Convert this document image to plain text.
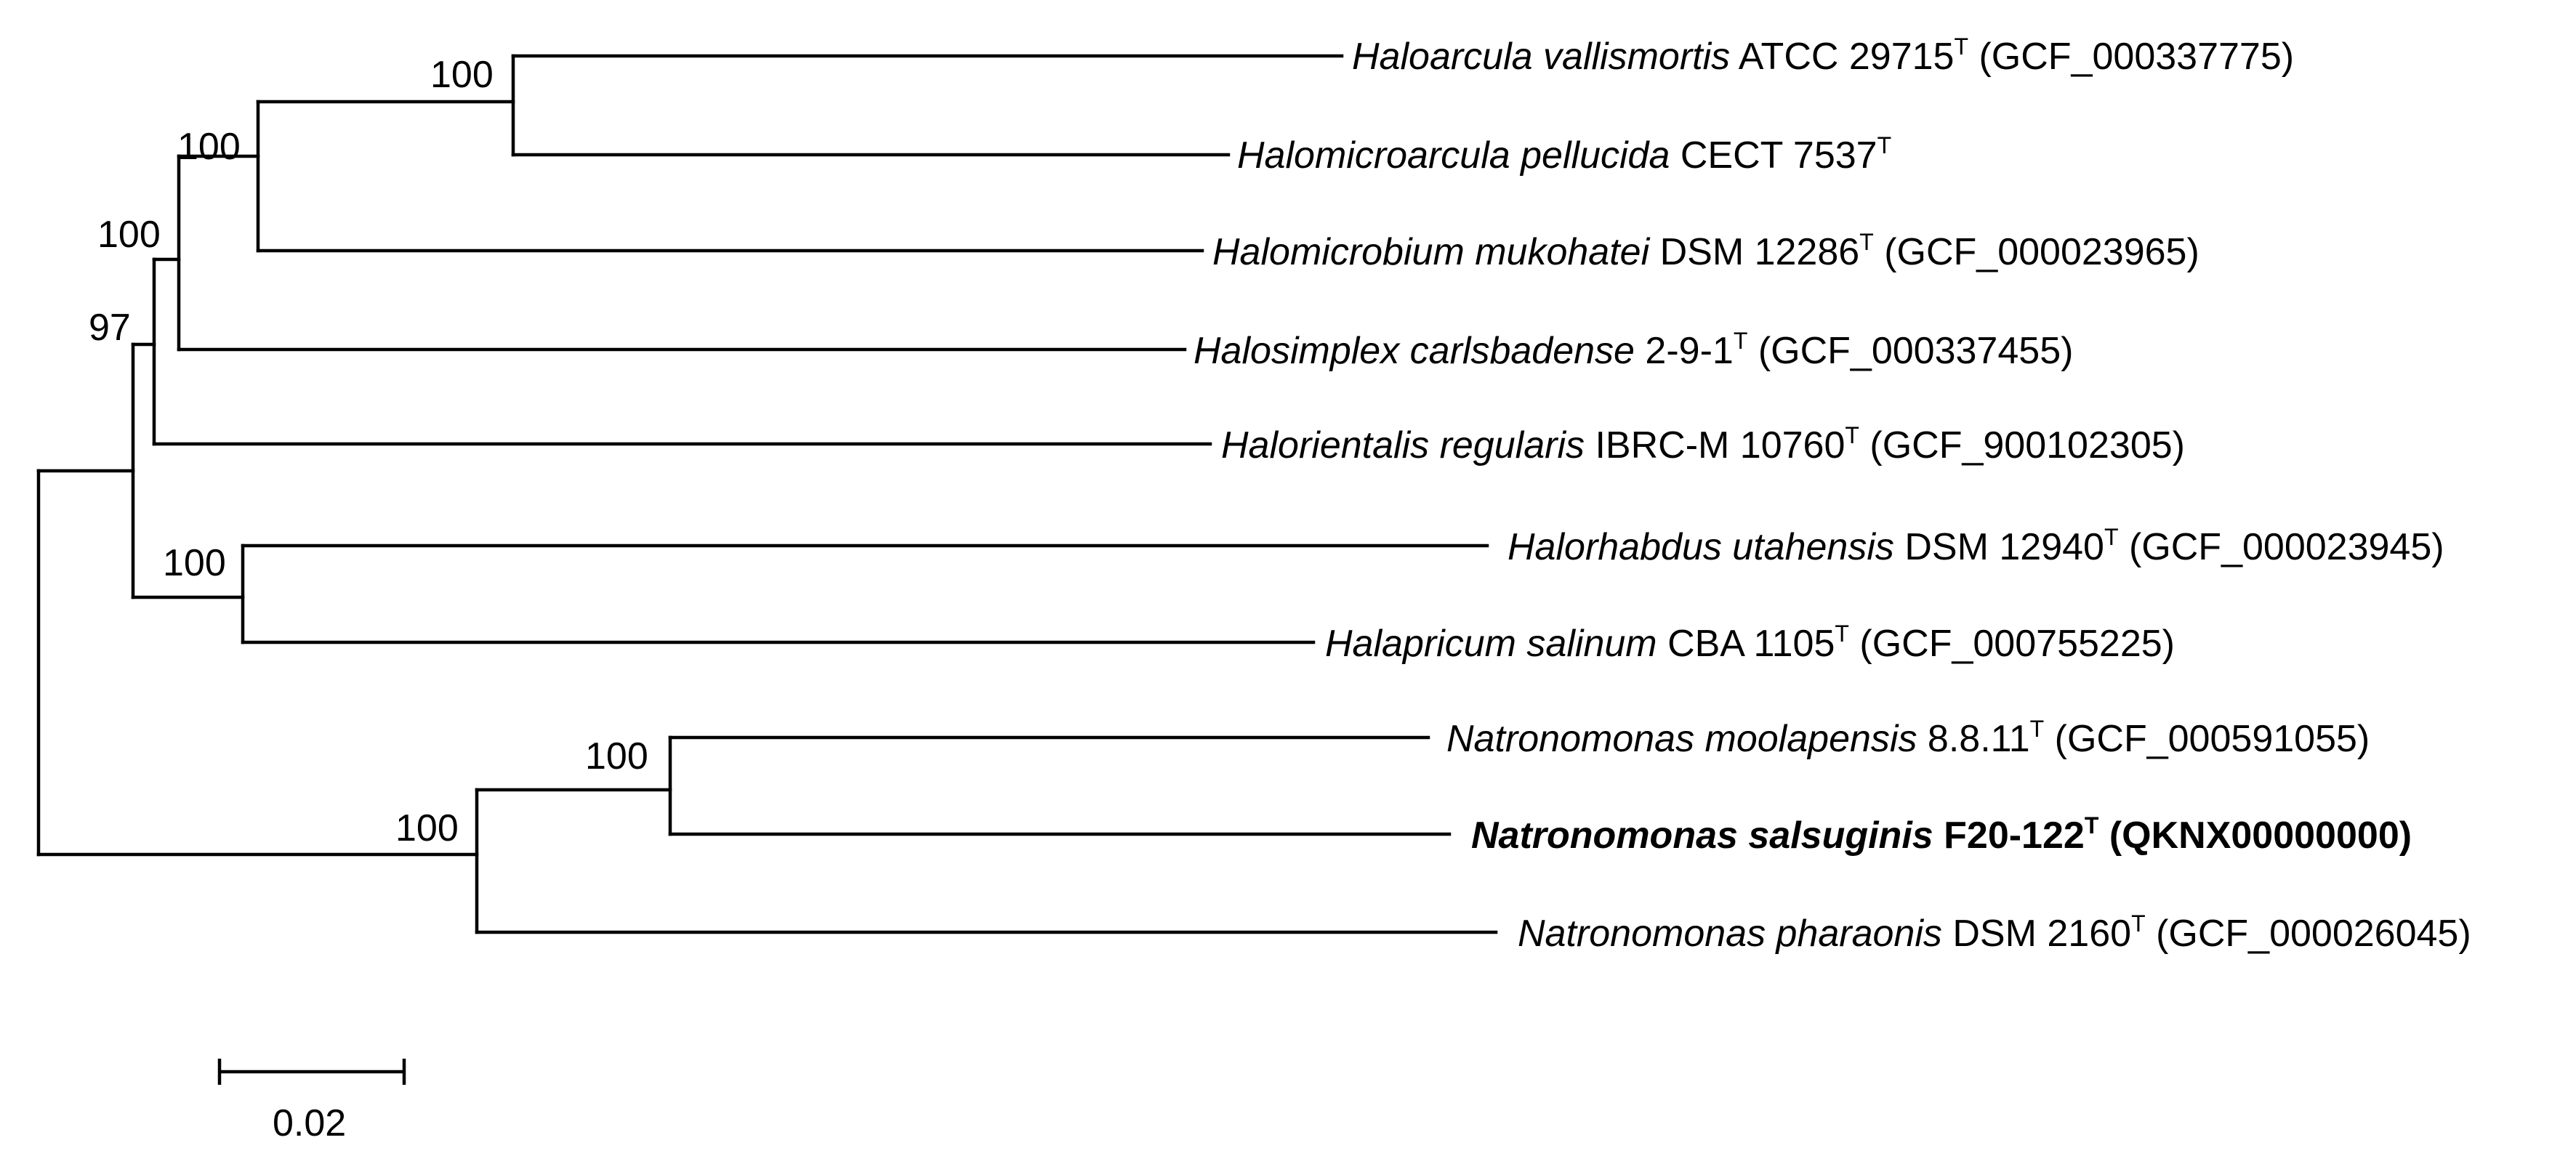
100
100
100
97
100
100
100
Haloarcula vallismortis ATCC $29715^T$ (GCF_000337775)
Halomicroarcula pellucida CECT $7537^T$
Halomicrobium mukohatei DSM $12286^T$ (GCF_000023965)
Halosimplex carlsbadense $2-9-1^T$ (GCF_000337455)
Halorientalis regularis IBRC-M $10760^T$ (GCF_900102305)
Halorhabdus utahensis DSM $12940^T$ (GCF_000023945)
Halapricum salinum CBA $1105^T$ (GCF_000755225)
Natronomonas moolapensis $8.8.11^T$ (GCF_000591055)
Natronomonas salsuginis $F20-122^T$ (QKNX00000000)
Natronomonas pharaonis DSM $2160^T$ (GCF_000026045)
0.02
